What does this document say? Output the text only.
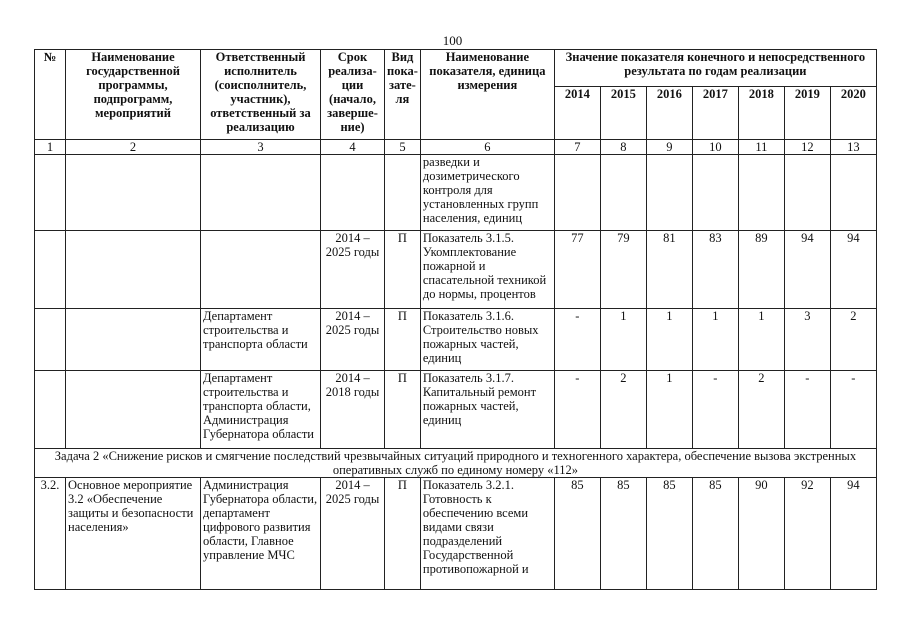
100
№	Наименование государственной программы, подпрограмм, мероприятий	Ответственный исполнитель (соисполнитель, участник), ответственный за реализацию	Срок реализа-ции (начало, заверше-ние)	Вид пока-зате-ля	Наименование показателя, единица измерения	Значение показателя конечного и непосредственного результата по годам реализации						
						2014	2015	2016	2017	2018	2019	2020
1	2	3	4	5	6	7	8	9	10	11	12	13
					разведки и дозиметрического контроля для установленных групп населения, единиц							
			2014 – 2025 годы	П	Показатель 3.1.5. Укомплектование пожарной и спасательной техникой до нормы, процентов	77	79	81	83	89	94	94
		Департамент строительства и транспорта области	2014 – 2025 годы	П	Показатель 3.1.6. Строительство новых пожарных частей, единиц	-	1	1	1	1	3	2
		Департамент строительства и транспорта области, Администрация Губернатора области	2014 – 2018 годы	П	Показатель 3.1.7. Капитальный ремонт пожарных частей, единиц	-	2	1	-	2	-	-
Задача 2 «Снижение рисков и смягчение последствий чрезвычайных ситуаций природного и техногенного характера, обеспечение вызова экстренных оперативных служб по единому номеру «112»												
3.2.	Основное мероприятие 3.2 «Обеспечение защиты и безопасности населения»	Администрация Губернатора области, департамент цифрового развития области, Главное управление МЧС	2014 – 2025 годы	П	Показатель 3.2.1. Готовность к обеспечению всеми видами связи подразделений Государственной противопожарной и	85	85	85	85	90	92	94
